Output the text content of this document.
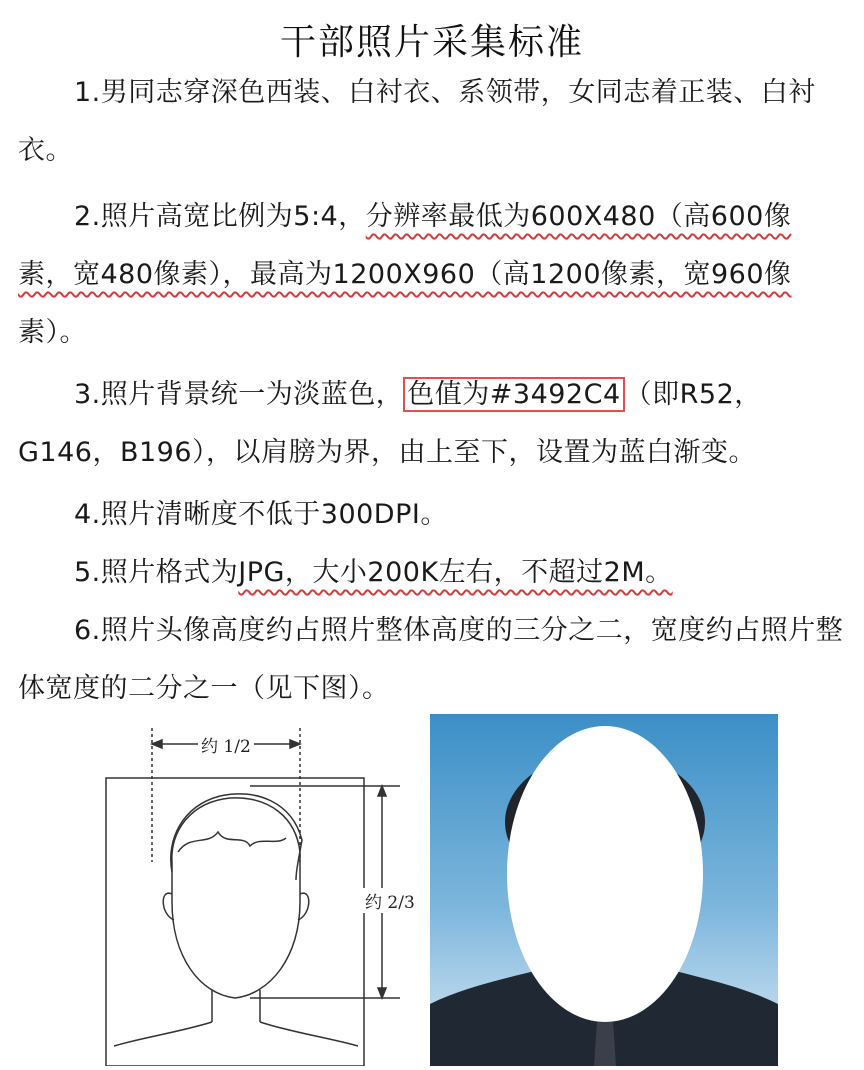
干部照片采集标准
1.男同志穿深色西装、白衬衣、系领带，女同志着正装、白衬衣。
2.照片高宽比例为5:4，分辨率最低为600X480（高600像素，宽480像素），最高为1200X960（高1200像素，宽960像素）。
3.照片背景统一为淡蓝色， 色值为#3492C4 （即R52，G146，B196），以肩膀为界，由上至下，设置为蓝白渐变。
4.照片清晰度不低于300DPI。
5.照片格式为JPG，大小200K左右，不超过2M。
6.照片头像高度约占照片整体高度的三分之二，宽度约占照片整体宽度的二分之一（见下图）。
约 1/2
约 2/3
